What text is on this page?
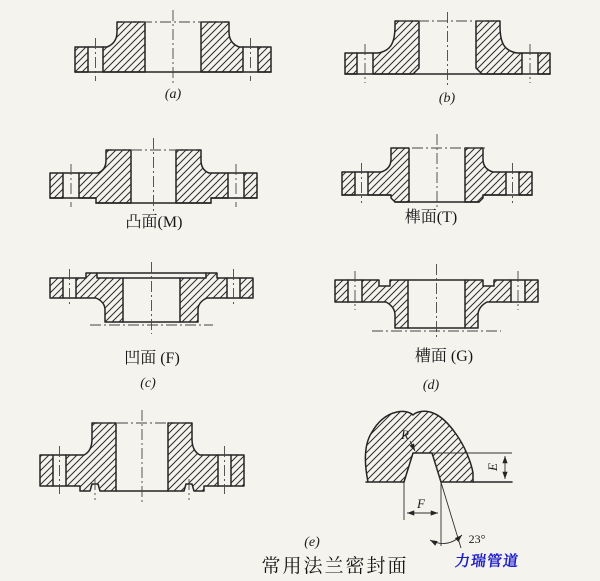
(a)	(b)
凸面(M)	榫面(T)
凹面 (F)
(c)
槽面 (G)
(d)
(e)
R
E
F
23°
常用法兰密封面	力瑞管道
